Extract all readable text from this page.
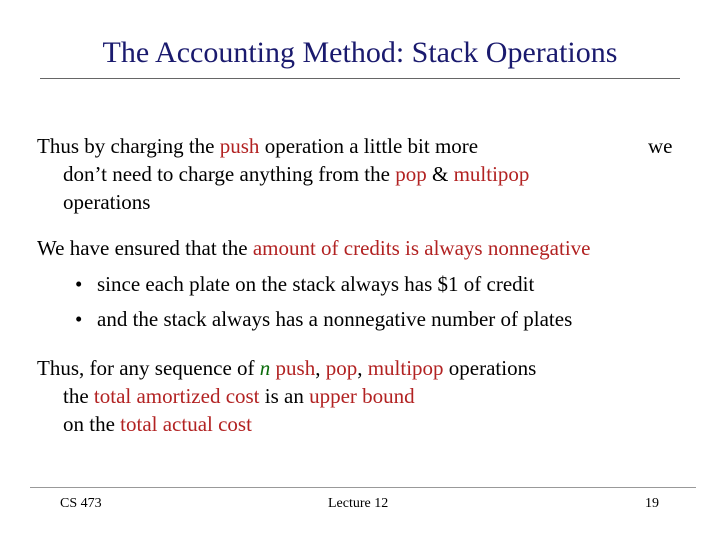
The Accounting Method: Stack Operations
Thus by charging the push operation a little bit more
don’t need to charge anything from the pop & multipop
operations
we
We have ensured that the amount of credits is always nonnegative
• since each plate on the stack always has $1 of credit
• and the stack always has a nonnegative number of plates
Thus, for any sequence of n push, pop, multipop operations
the total amortized cost is an upper bound
on the total actual cost
CS 473	Lecture 12	19
